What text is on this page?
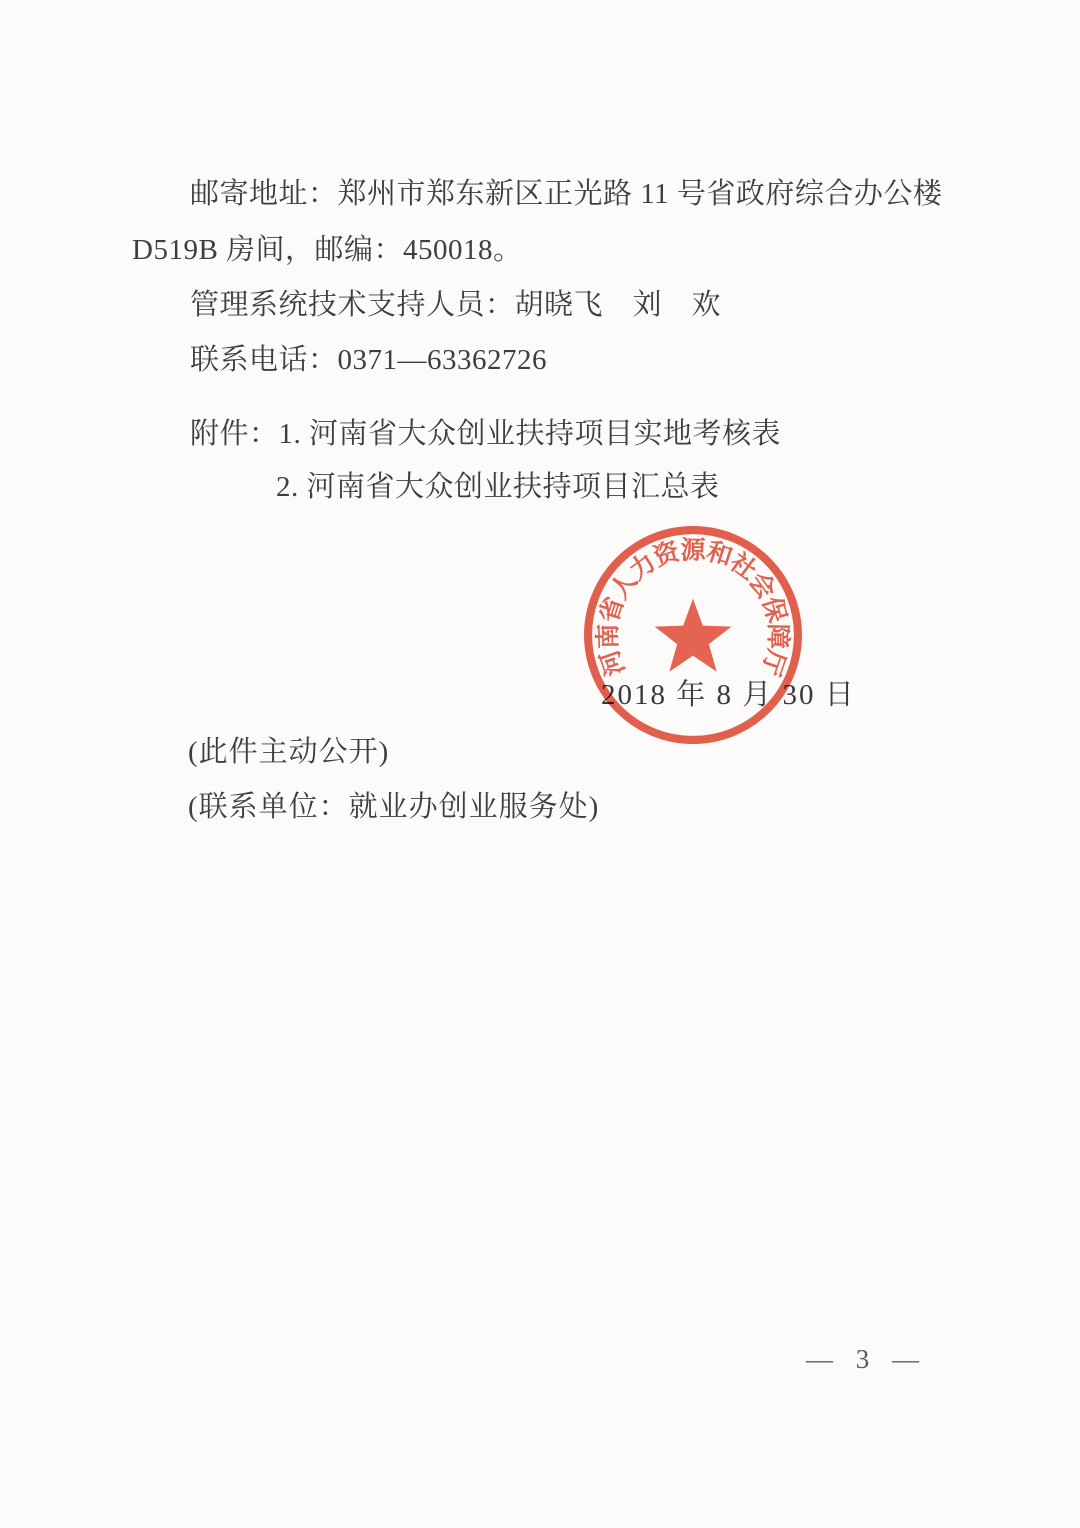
邮寄地址：郑州市郑东新区正光路 11 号省政府综合办公楼
D519B 房间，邮编：450018。
管理系统技术支持人员：胡晓飞　刘　欢
联系电话：0371—63362726
附件：1. 河南省大众创业扶持项目实地考核表
2. 河南省大众创业扶持项目汇总表
2018 年 8 月 30 日
河南省人力资源和社会保障厅
(此件主动公开)
(联系单位：就业办创业服务处)
— 3 —
